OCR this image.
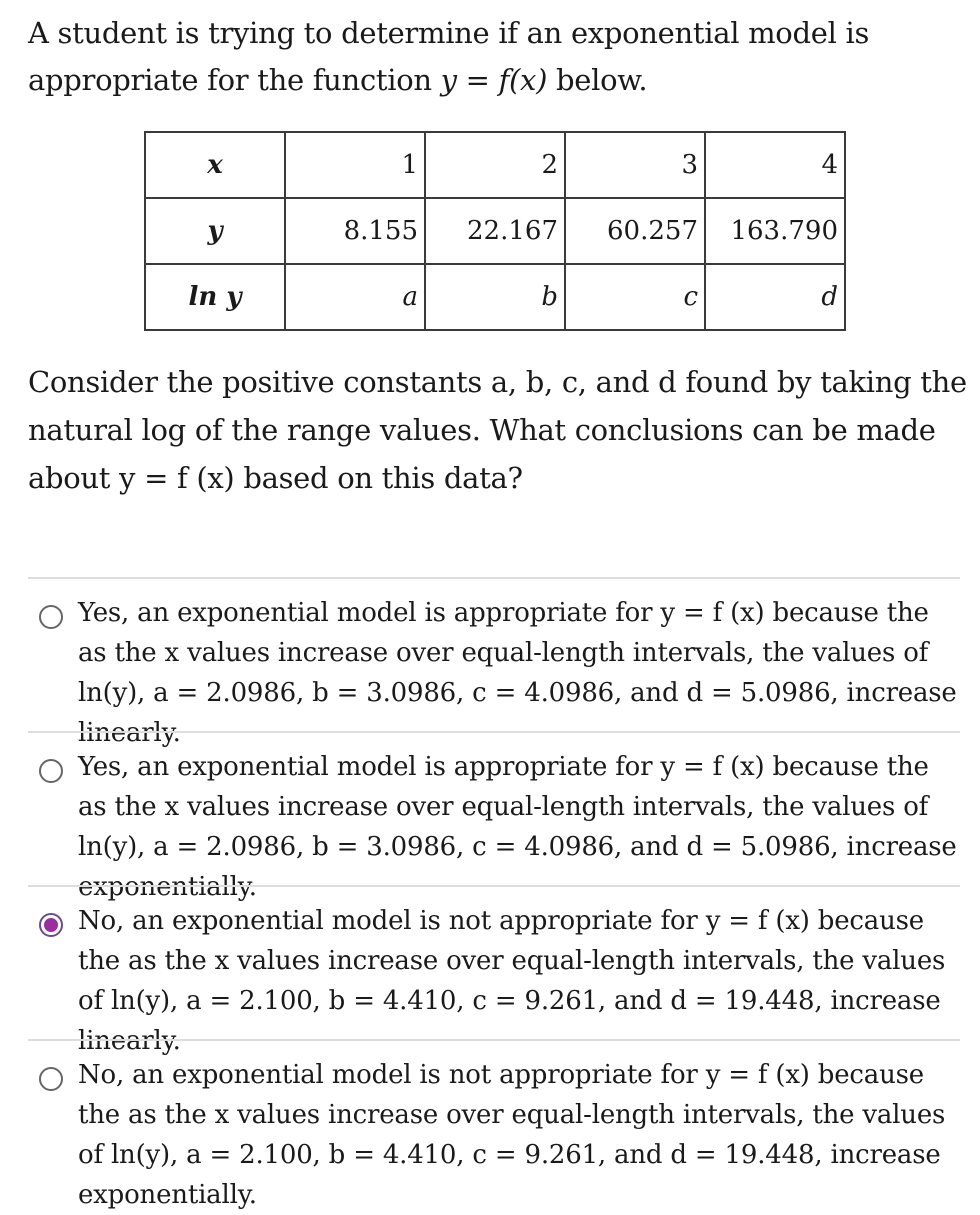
A student is trying to determine if an exponential model is appropriate for the function y = f(x) below.
x	1	2	3	4
y	8.155	22.167	60.257	163.790
ln y	a	b	c	d
Consider the positive constants a, b, c, and d found by taking the natural log of the range values. What conclusions can be made about y = f (x) based on this data?
Yes, an exponential model is appropriate for y = f (x) because the as the x values increase over equal-length intervals, the values of ln(y), a = 2.0986, b = 3.0986, c = 4.0986, and d = 5.0986, increase linearly.
Yes, an exponential model is appropriate for y = f (x) because the as the x values increase over equal-length intervals, the values of ln(y), a = 2.0986, b = 3.0986, c = 4.0986, and d = 5.0986, increase exponentially.
No, an exponential model is not appropriate for y = f (x) because the as the x values increase over equal-length intervals, the values of ln(y), a = 2.100, b = 4.410, c = 9.261, and d = 19.448, increase linearly.
No, an exponential model is not appropriate for y = f (x) because the as the x values increase over equal-length intervals, the values of ln(y), a = 2.100, b = 4.410, c = 9.261, and d = 19.448, increase exponentially.
